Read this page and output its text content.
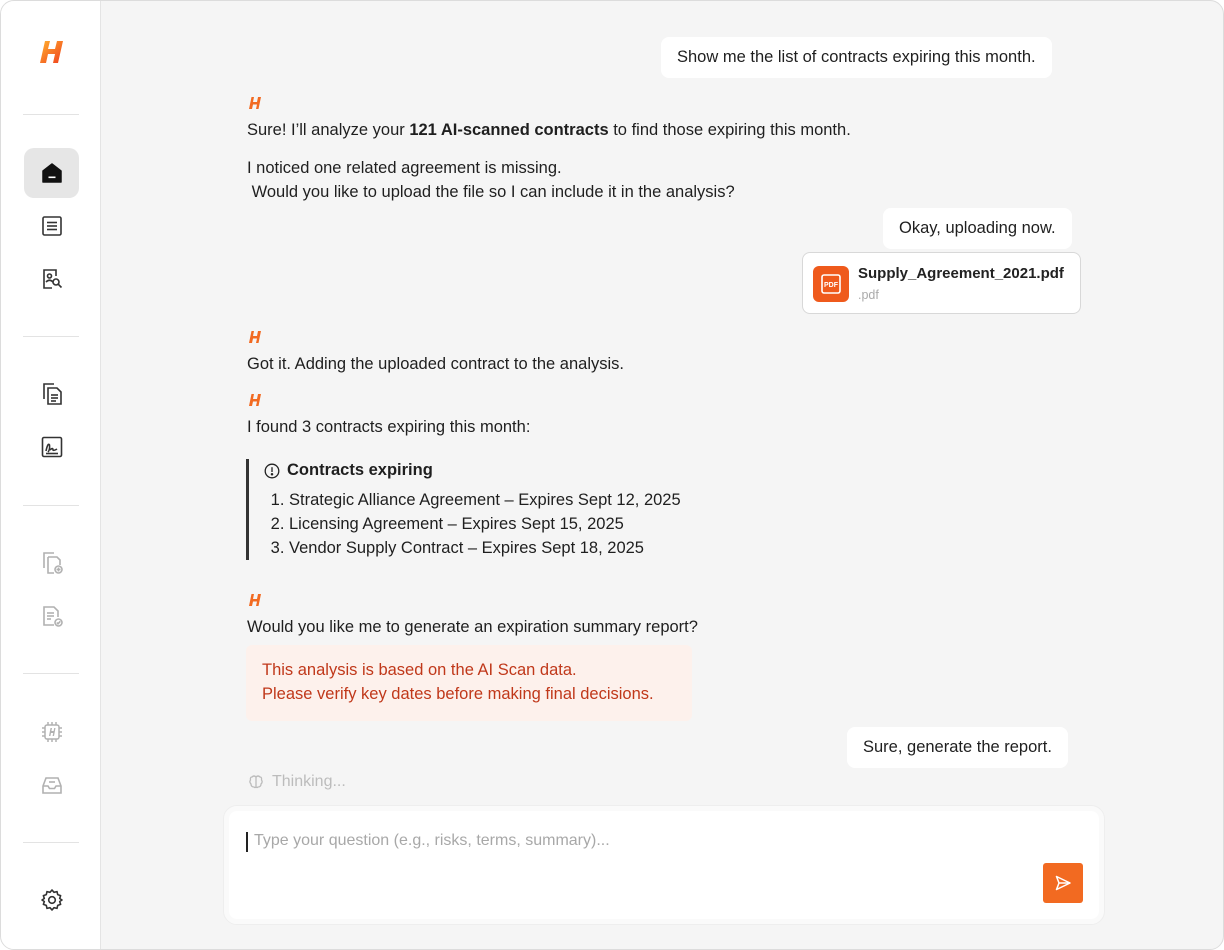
Show me the list of contracts expiring this month.
Sure! I’ll analyze your 121 AI-scanned contracts to find those expiring this month.
I noticed one related agreement is missing.
Would you like to upload the file so I can include it in the analysis?
Okay, uploading now.
PDF
Supply_Agreement_2021.pdf
.pdf
Got it. Adding the uploaded contract to the analysis.
I found 3 contracts expiring this month:
Contracts expiring
1. Strategic Alliance Agreement – Expires Sept 12, 2025
2. Licensing Agreement – Expires Sept 15, 2025
3. Vendor Supply Contract – Expires Sept 18, 2025
Would you like me to generate an expiration summary report?
This analysis is based on the AI Scan data.
Please verify key dates before making final decisions.
Sure, generate the report.
Thinking...
Type your question (e.g., risks, terms, summary)...
